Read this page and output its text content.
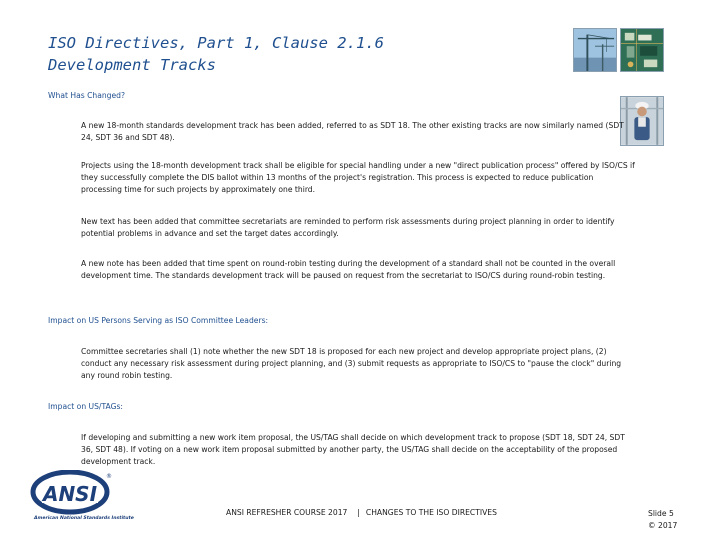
ISO Directives, Part 1, Clause 2.1.6
Development Tracks
What Has Changed?
A new 18-month standards development track has been added, referred to as SDT 18. The other existing tracks are now similarly named (SDT 24, SDT 36 and SDT 48).
Projects using the 18-month development track shall be eligible for special handling under a new "direct publication process" offered by ISO/CS if they successfully complete the DIS ballot within 13 months of the project's registration. This process is expected to reduce publication processing time for such projects by approximately one third.
New text has been added that committee secretariats are reminded to perform risk assessments during project planning in order to identify potential problems in advance and set the target dates accordingly.
A new note has been added that time spent on round-robin testing during the development of a standard shall not be counted in the overall development time. The standards development track will be paused on request from the secretariat to ISO/CS during round-robin testing.
Impact on US Persons Serving as ISO Committee Leaders:
Committee secretaries shall (1) note whether the new SDT 18 is proposed for each new project and develop appropriate project plans, (2) conduct any necessary risk assessment during project planning, and (3) submit requests as appropriate to ISO/CS to "pause the clock" during any round robin testing.
Impact on US/TAGs:
If developing and submitting a new work item proposal, the US/TAG shall decide on which development track to propose (SDT 18, SDT 24, SDT 36, SDT 48). If voting on a new work item proposal submitted by another party, the US/TAG shall decide on the acceptability of the proposed development track.
ANSI
®
American National Standards Institute
ANSI REFRESHER COURSE 2017 | CHANGES TO THE ISO DIRECTIVES	Slide 5
© 2017
